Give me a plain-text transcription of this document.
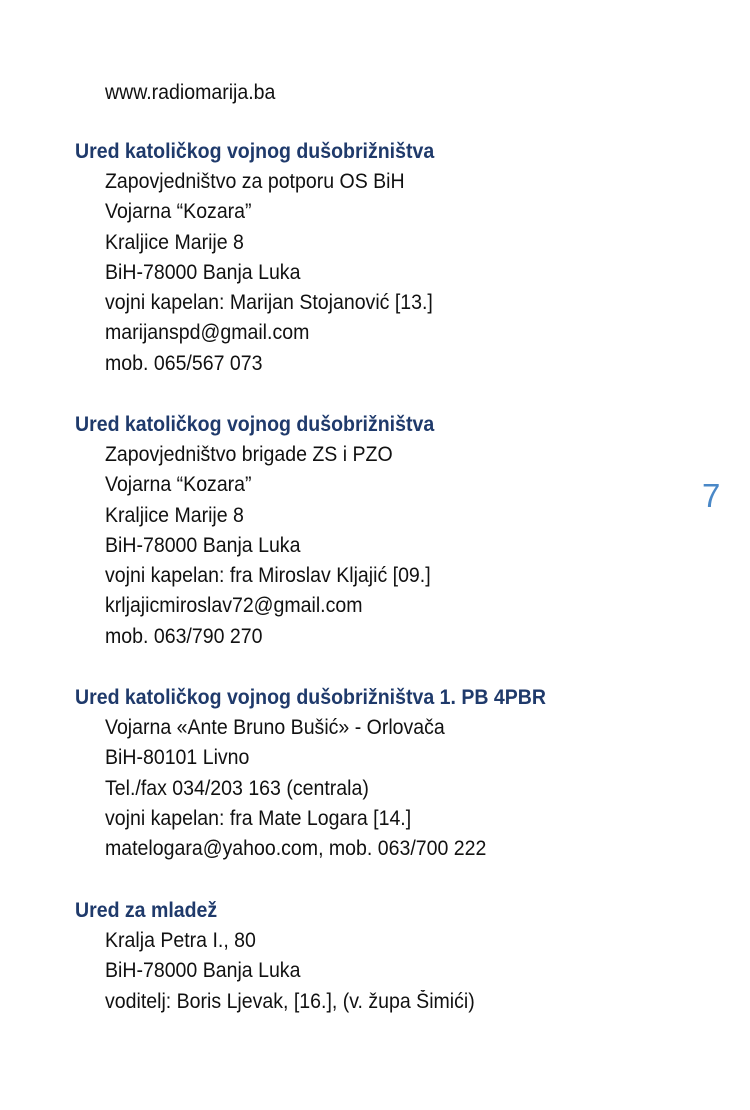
www.radiomarija.ba
Ured katoličkog vojnog dušobrižništva
Zapovjedništvo za potporu OS BiH
Vojarna “Kozara”
Kraljice Marije 8
BiH-78000 Banja Luka
vojni kapelan: Marijan Stojanović [13.]
marijanspd@gmail.com
mob. 065/567 073
Ured katoličkog vojnog dušobrižništva
Zapovjedništvo brigade ZS i PZO
Vojarna “Kozara”
Kraljice Marije 8
BiH-78000 Banja Luka
vojni kapelan: fra Miroslav Kljajić [09.]
krljajicmiroslav72@gmail.com
mob. 063/790 270
Ured katoličkog vojnog dušobrižništva 1. PB 4PBR
Vojarna «Ante Bruno Bušić» - Orlovača
BiH-80101 Livno
Tel./fax 034/203 163 (centrala)
vojni kapelan: fra Mate Logara [14.]
matelogara@yahoo.com, mob. 063/700 222
Ured za mladež
Kralja Petra I., 80
BiH-78000 Banja Luka
voditelj: Boris Ljevak, [16.], (v. župa Šimići)
7
